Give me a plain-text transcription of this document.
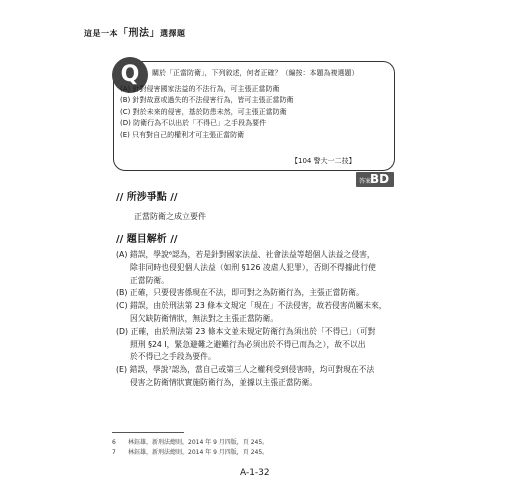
這是一本「刑法」選擇題
Q	關於「正當防衛」，下列敘述，何者正確？（編按：本題為複選題）
(A) 針對侵害國家法益的不法行為，可主張正當防衛
(B) 針對故意或過失的不法侵害行為，皆可主張正當防衛
(C) 對於未來的侵害，基於防患未然，可主張正當防衛
(D) 防衛行為不以出於「不得已」之手段為要件
(E) 只有對自己的權利才可主張正當防衛
【104 警大一二技】
答案
BD
// 所涉爭點 //
正當防衛之成立要件
// 題目解析 //
(A) 錯誤，學說⁶認為，若是針對國家法益、社會法益等超個人法益之侵害，
除非同時也侵犯個人法益（如刑 §126 凌虐人犯罪），否則不得據此行使
正當防衛。
(B) 正確，只要侵害係現在不法，即可對之為防衛行為，主張正當防衛。
(C) 錯誤，由於刑法第 23 條本文規定「現在」不法侵害，故若侵害尚屬未來，
因欠缺防衛情狀，無法對之主張正當防衛。
(D) 正確，由於刑法第 23 條本文並未規定防衛行為須出於「不得已」（可對
照刑 §24 I，緊急避難之避難行為必須出於不得已而為之），故不以出
於不得已之手段為要件。
(E) 錯誤，學說⁷認為，當自己或第三人之權利受到侵害時，均可對現在不法
侵害之防衛情狀實施防衛行為，並據以主張正當防衛。
6 林鈺雄，新刑法總則，2014 年 9 月四版，頁 245。
7 林鈺雄，新刑法總則，2014 年 9 月四版，頁 245。
A-1-32
